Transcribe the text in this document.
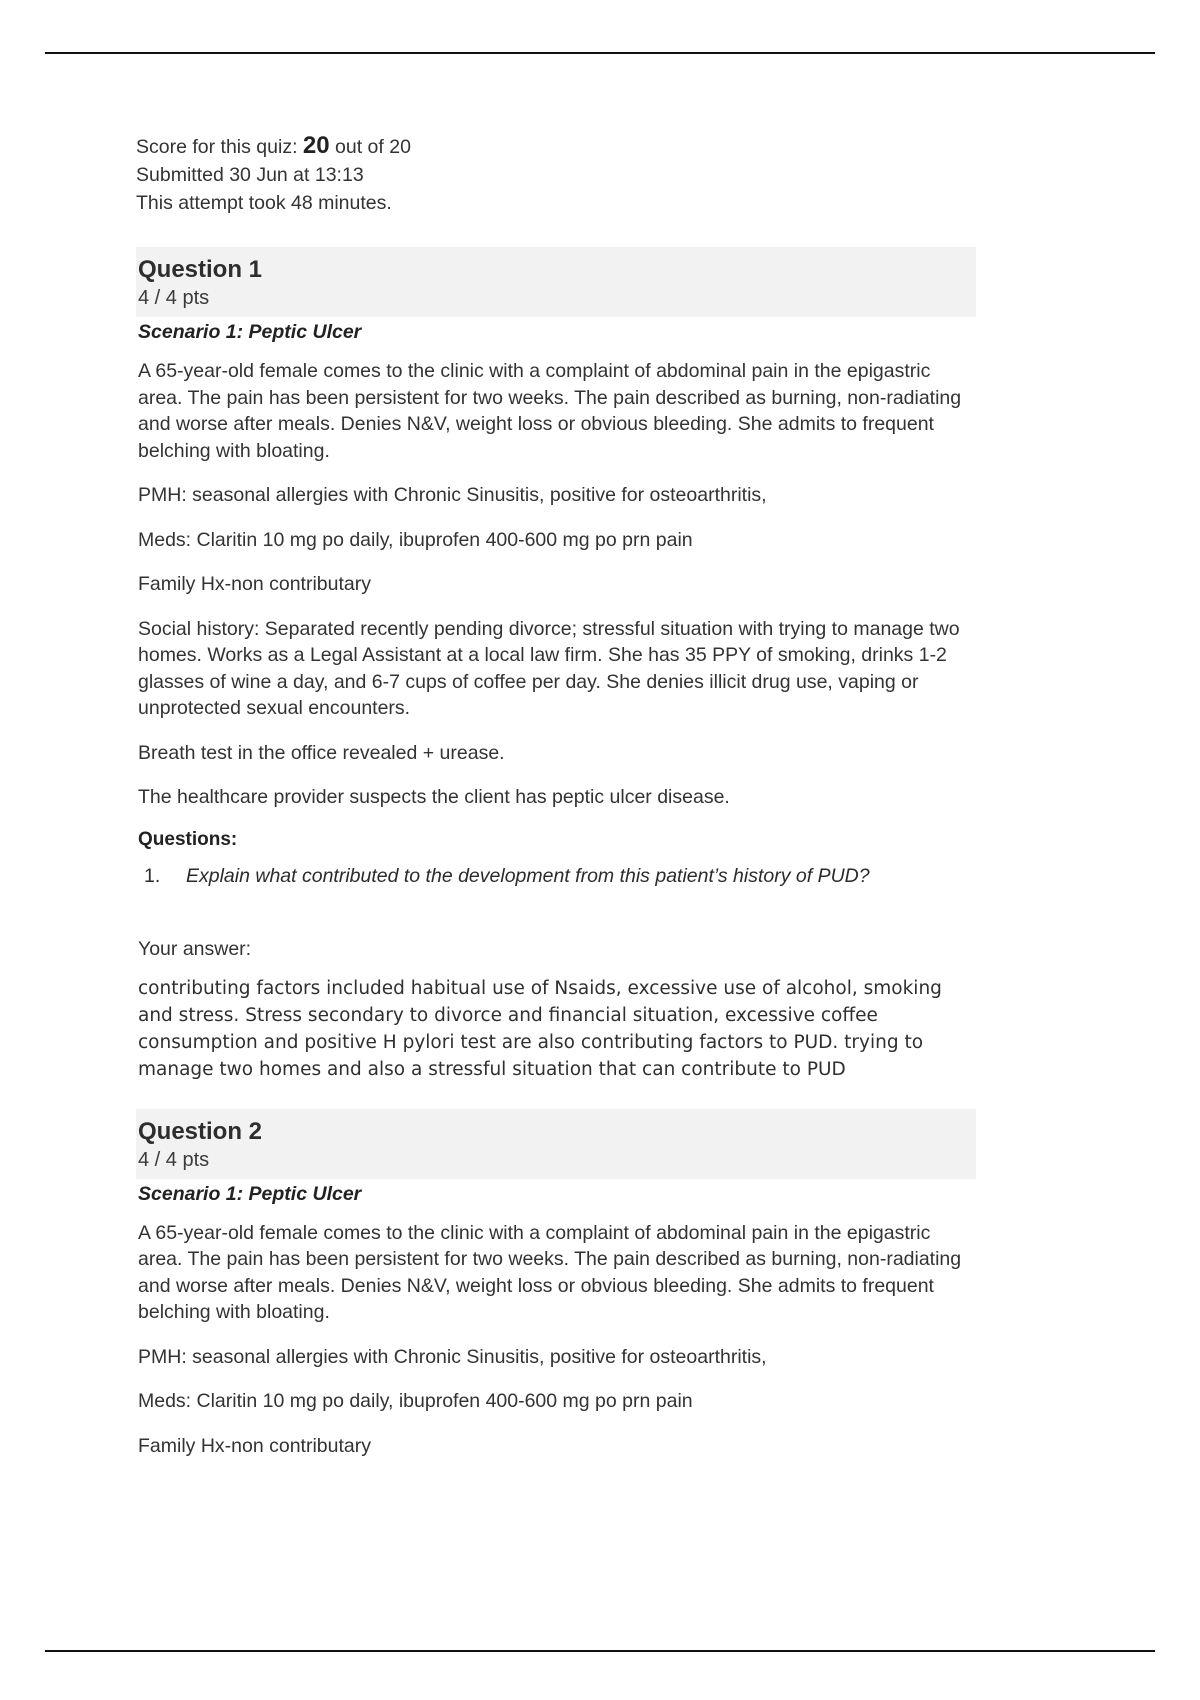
Score for this quiz: 20 out of 20
Submitted 30 Jun at 13:13
This attempt took 48 minutes.
Question 1
4 / 4 pts
Scenario 1: Peptic Ulcer

A 65-year-old female comes to the clinic with a complaint of abdominal pain in the epigastric area. The pain has been persistent for two weeks. The pain described as burning, non-radiating and worse after meals. Denies N&V, weight loss or obvious bleeding. She admits to frequent belching with bloating.

PMH: seasonal allergies with Chronic Sinusitis, positive for osteoarthritis,

Meds: Claritin 10 mg po daily, ibuprofen 400-600 mg po prn pain

Family Hx-non contributary

Social history: Separated recently pending divorce; stressful situation with trying to manage two homes. Works as a Legal Assistant at a local law firm. She has 35 PPY of smoking, drinks 1-2 glasses of wine a day, and 6-7 cups of coffee per day. She denies illicit drug use, vaping or unprotected sexual encounters.

Breath test in the office revealed + urease.

The healthcare provider suspects the client has peptic ulcer disease.

Questions:
1. Explain what contributed to the development from this patient’s history of PUD?
Your answer:
contributing factors included habitual use of Nsaids, excessive use of alcohol, smoking and stress. Stress secondary to divorce and financial situation, excessive coffee consumption and positive H pylori test are also contributing factors to PUD. trying to manage two homes and also a stressful situation that can contribute to PUD
Question 2
4 / 4 pts
Scenario 1: Peptic Ulcer

A 65-year-old female comes to the clinic with a complaint of abdominal pain in the epigastric area. The pain has been persistent for two weeks. The pain described as burning, non-radiating and worse after meals. Denies N&V, weight loss or obvious bleeding. She admits to frequent belching with bloating.

PMH: seasonal allergies with Chronic Sinusitis, positive for osteoarthritis,

Meds: Claritin 10 mg po daily, ibuprofen 400-600 mg po prn pain

Family Hx-non contributary
